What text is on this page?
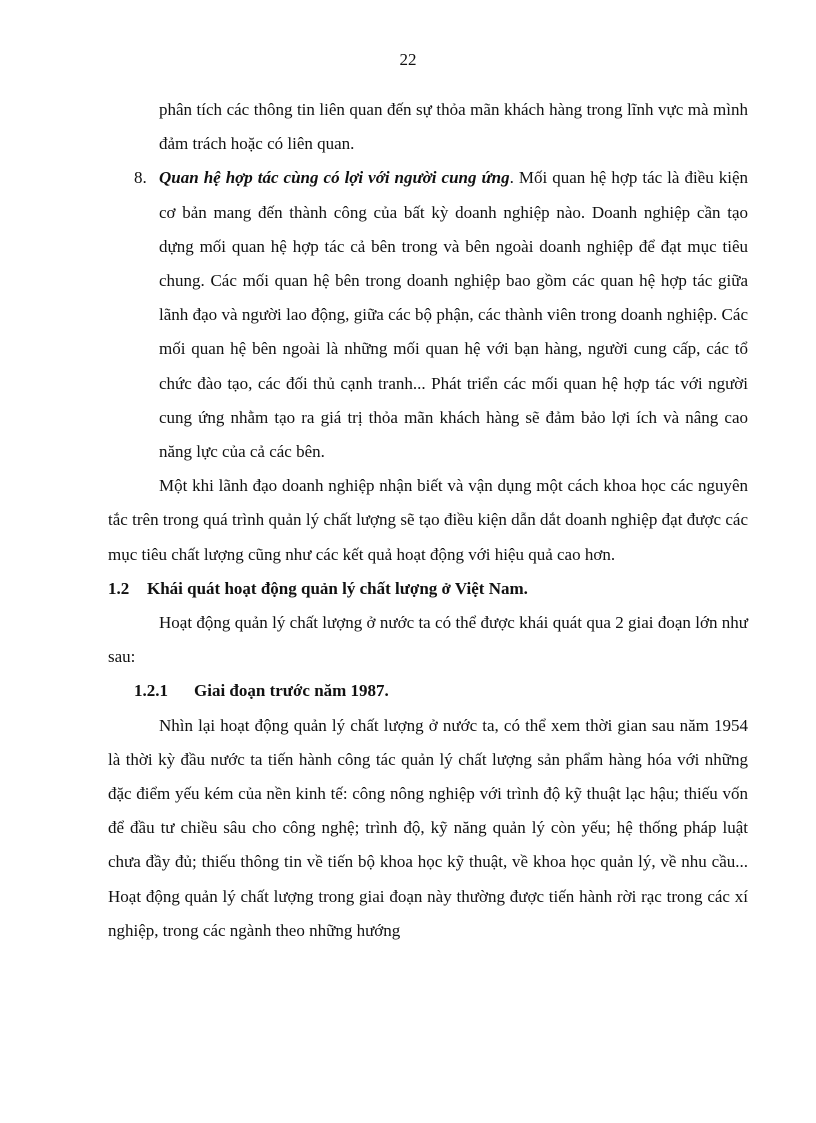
22

phân tích các thông tin liên quan đến sự thỏa mãn khách hàng trong lĩnh vực mà mình đảm trách hoặc có liên quan.

8. Quan hệ hợp tác cùng có lợi với người cung ứng. Mối quan hệ hợp tác là điều kiện cơ bản mang đến thành công của bất kỳ doanh nghiệp nào. Doanh nghiệp cần tạo dựng mối quan hệ hợp tác cả bên trong và bên ngoài doanh nghiệp để đạt mục tiêu chung. Các mối quan hệ bên trong doanh nghiệp bao gồm các quan hệ hợp tác giữa lãnh đạo và người lao động, giữa các bộ phận, các thành viên trong doanh nghiệp. Các mối quan hệ bên ngoài là những mối quan hệ với bạn hàng, người cung cấp, các tổ chức đào tạo, các đối thủ cạnh tranh... Phát triển các mối quan hệ hợp tác với người cung ứng nhằm tạo ra giá trị thỏa mãn khách hàng sẽ đảm bảo lợi ích và nâng cao năng lực của cả các bên.

Một khi lãnh đạo doanh nghiệp nhận biết và vận dụng một cách khoa học các nguyên tắc trên trong quá trình quản lý chất lượng sẽ tạo điều kiện dẫn dắt doanh nghiệp đạt được các mục tiêu chất lượng cũng như các kết quả hoạt động với hiệu quả cao hơn.

1.2 Khái quát hoạt động quản lý chất lượng ở Việt Nam.

Hoạt động quản lý chất lượng ở nước ta có thể được khái quát qua 2 giai đoạn lớn như sau:

1.2.1 Giai đoạn trước năm 1987.

Nhìn lại hoạt động quản lý chất lượng ở nước ta, có thể xem thời gian sau năm 1954 là thời kỳ đầu nước ta tiến hành công tác quản lý chất lượng sản phẩm hàng hóa với những đặc điểm yếu kém của nền kinh tế: công nông nghiệp với trình độ kỹ thuật lạc hậu; thiếu vốn để đầu tư chiều sâu cho công nghệ; trình độ, kỹ năng quản lý còn yếu; hệ thống pháp luật chưa đầy đủ; thiếu thông tin về tiến bộ khoa học kỹ thuật, về khoa học quản lý, về nhu cầu... Hoạt động quản lý chất lượng trong giai đoạn này thường được tiến hành rời rạc trong các xí nghiệp, trong các ngành theo những hướng
